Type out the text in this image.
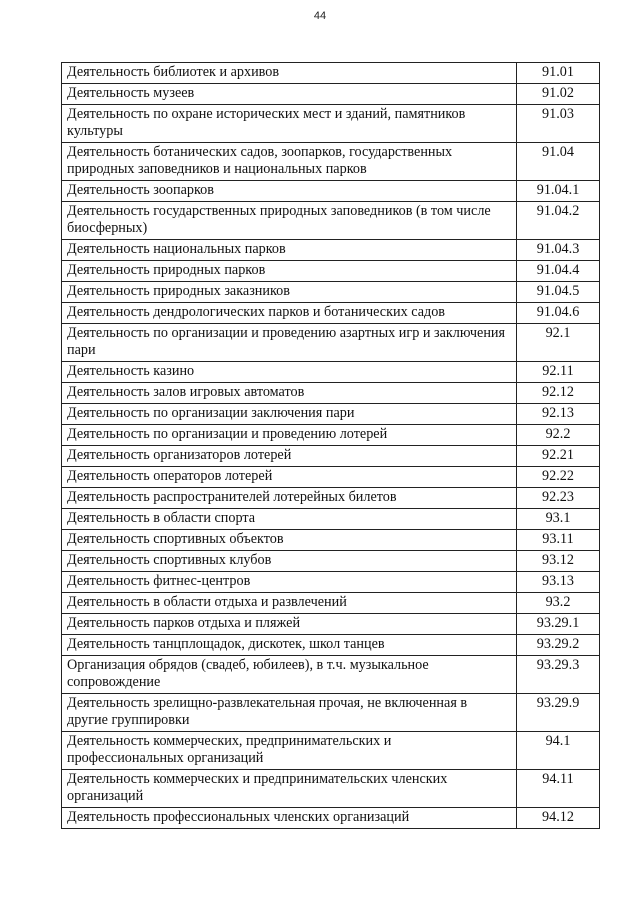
44
Деятельность библиотек и архивов	91.01
Деятельность музеев	91.02
Деятельность по охране исторических мест и зданий, памятников культуры	91.03
Деятельность ботанических садов, зоопарков, государственных природных заповедников и национальных парков	91.04
Деятельность зоопарков	91.04.1
Деятельность государственных природных заповедников (в том числе биосферных)	91.04.2
Деятельность национальных парков	91.04.3
Деятельность природных парков	91.04.4
Деятельность природных заказников	91.04.5
Деятельность дендрологических парков и ботанических садов	91.04.6
Деятельность по организации и проведению азартных игр и заключения пари	92.1
Деятельность казино	92.11
Деятельность залов игровых автоматов	92.12
Деятельность по организации заключения пари	92.13
Деятельность по организации и проведению лотерей	92.2
Деятельность организаторов лотерей	92.21
Деятельность операторов лотерей	92.22
Деятельность распространителей лотерейных билетов	92.23
Деятельность в области спорта	93.1
Деятельность спортивных объектов	93.11
Деятельность спортивных клубов	93.12
Деятельность фитнес-центров	93.13
Деятельность в области отдыха и развлечений	93.2
Деятельность парков отдыха и пляжей	93.29.1
Деятельность танцплощадок, дискотек, школ танцев	93.29.2
Организация обрядов (свадеб, юбилеев), в т.ч. музыкальное сопровождение	93.29.3
Деятельность зрелищно-развлекательная прочая, не включенная в другие группировки	93.29.9
Деятельность коммерческих, предпринимательских и профессиональных организаций	94.1
Деятельность коммерческих и предпринимательских членских организаций	94.11
Деятельность профессиональных членских организаций	94.12
